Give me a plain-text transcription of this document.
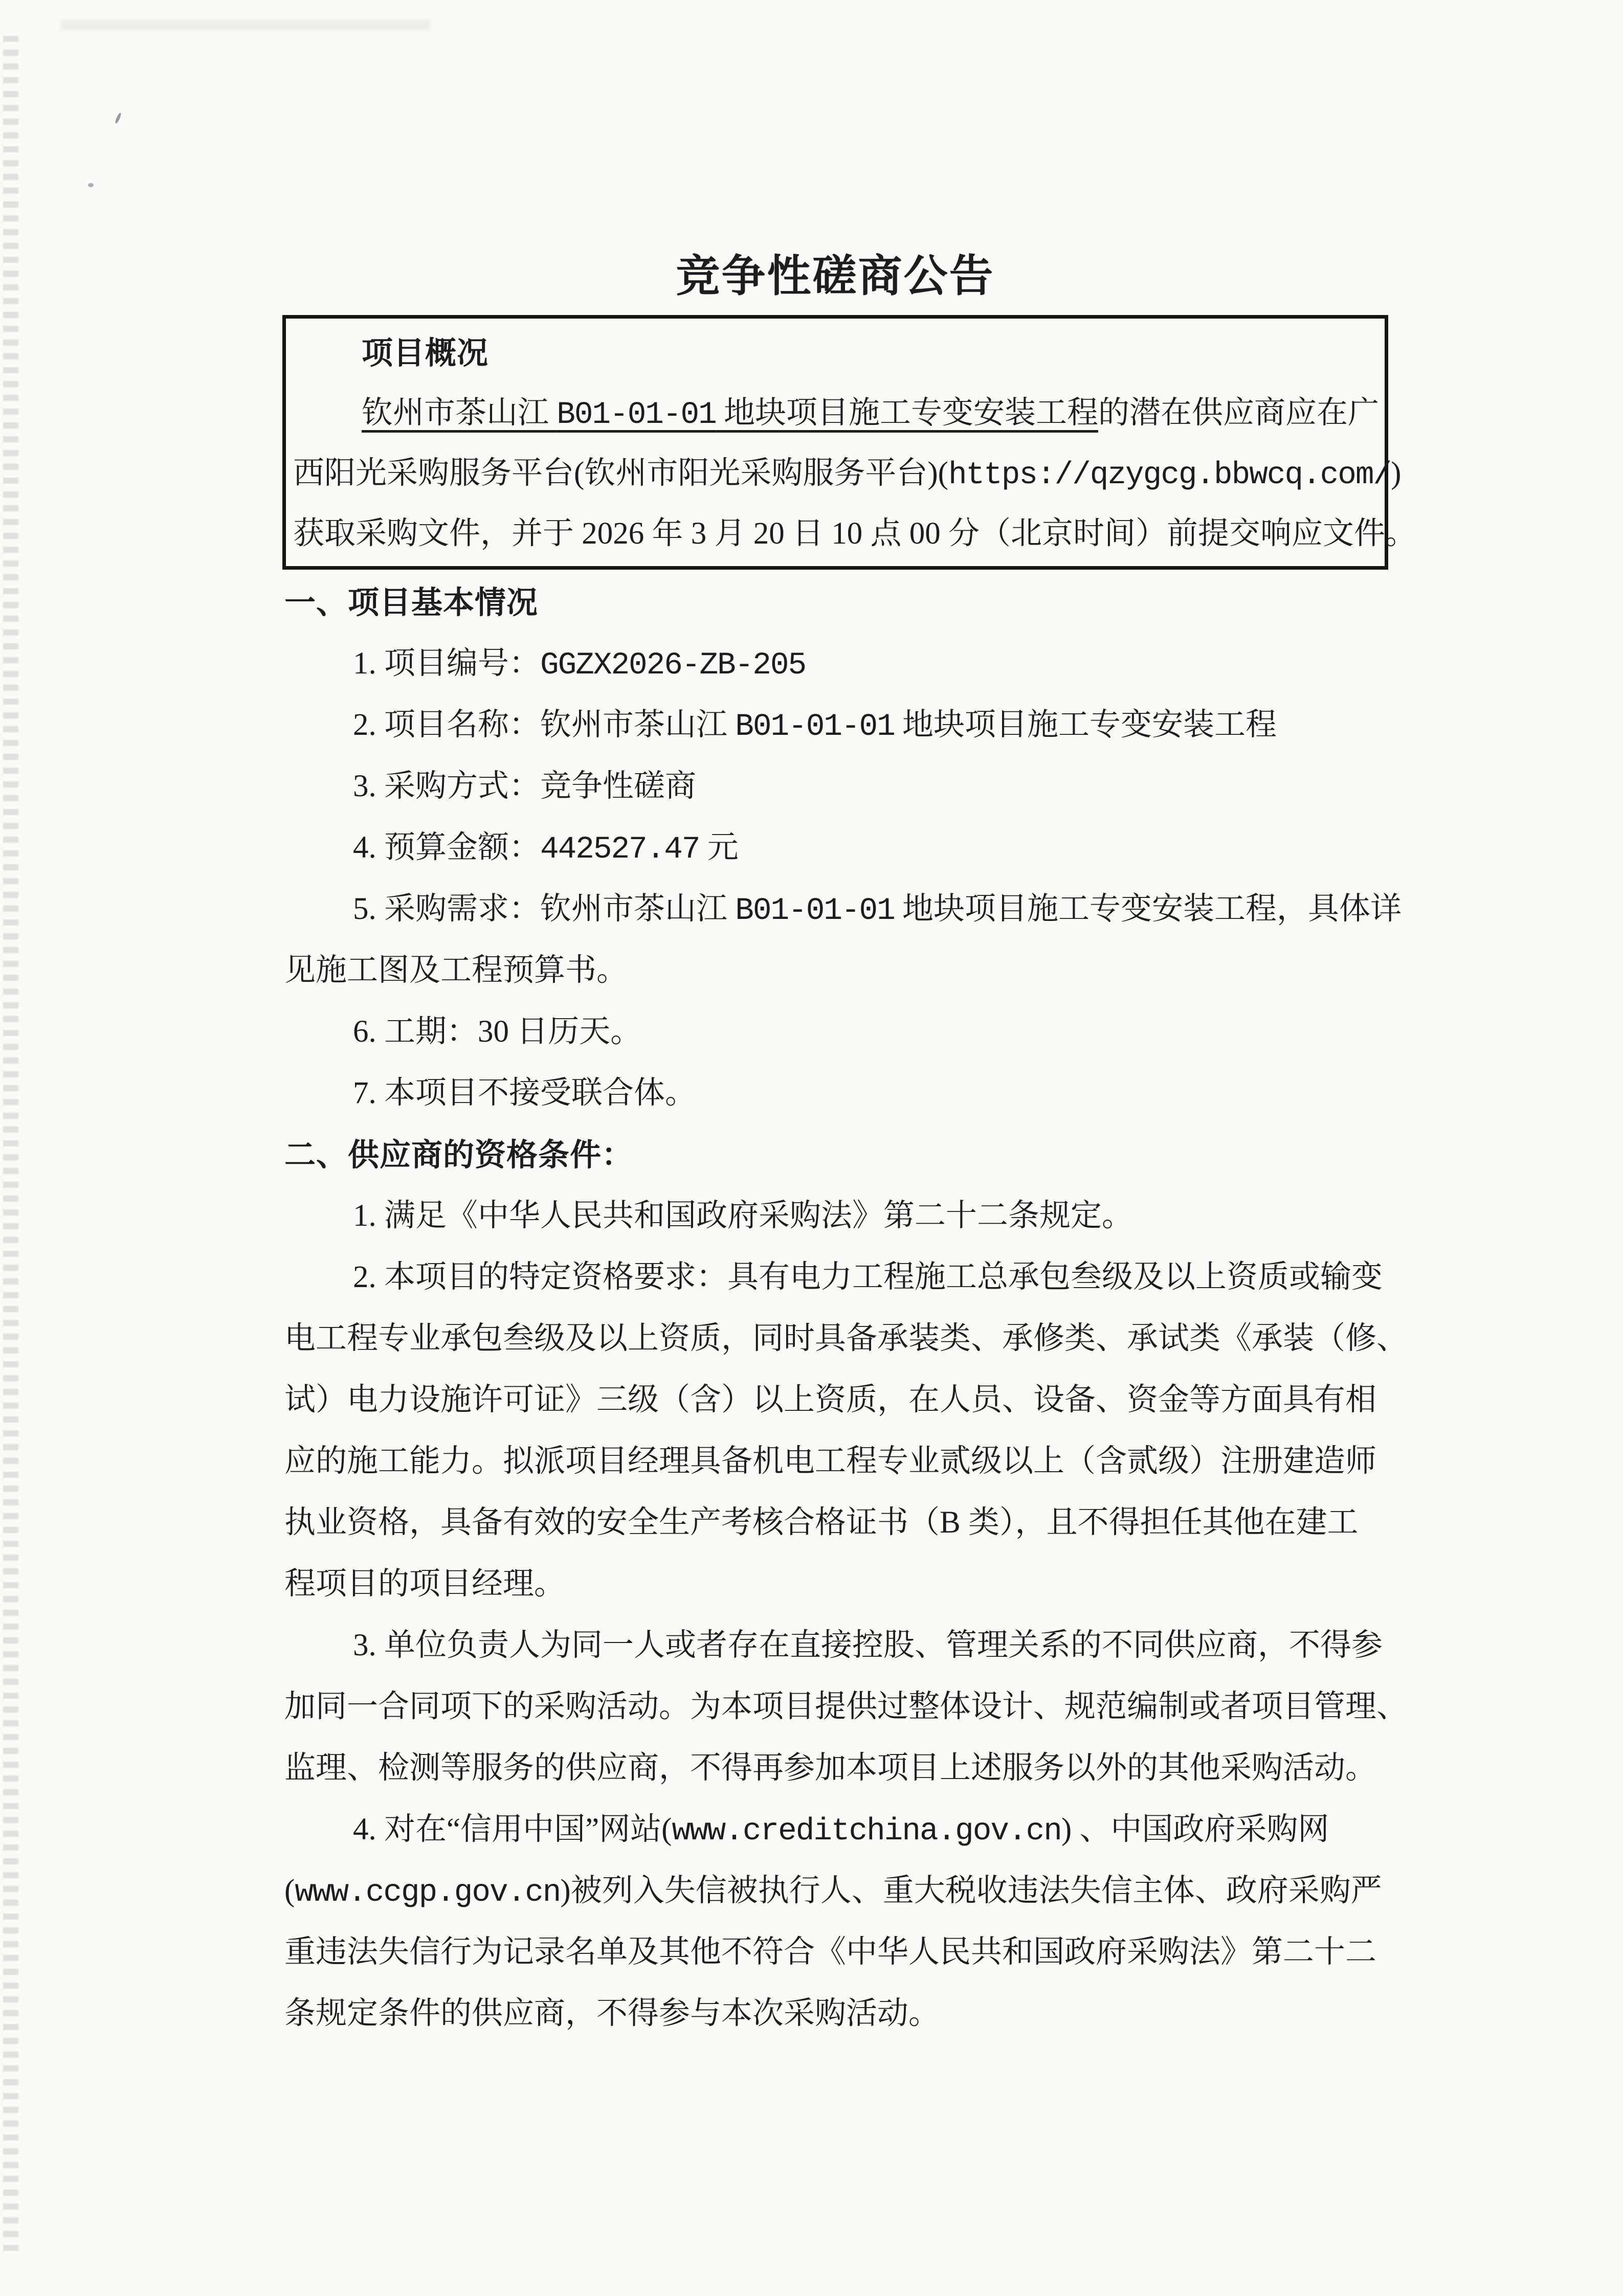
竞争性磋商公告

项目概况

钦州市茶山江 B01-01-01 地块项目施工专变安装工程的潜在供应商应在广

西阳光采购服务平台(钦州市阳光采购服务平台)(https://qzygcg.bbwcq.com/)

获取采购文件，并于 2026 年 3 月 20 日 10 点 00 分（北京时间）前提交响应文件。

一、项目基本情况

1. 项目编号：GGZX2026-ZB-205

2. 项目名称：钦州市茶山江 B01-01-01 地块项目施工专变安装工程

3. 采购方式：竞争性磋商

4. 预算金额：442527.47 元

5. 采购需求：钦州市茶山江 B01-01-01 地块项目施工专变安装工程，具体详

见施工图及工程预算书。

6. 工期：30 日历天。

7. 本项目不接受联合体。

二、供应商的资格条件：

1. 满足《中华人民共和国政府采购法》第二十二条规定。

2. 本项目的特定资格要求：具有电力工程施工总承包叁级及以上资质或输变

电工程专业承包叁级及以上资质，同时具备承装类、承修类、承试类《承装（修、

试）电力设施许可证》三级（含）以上资质，在人员、设备、资金等方面具有相

应的施工能力。拟派项目经理具备机电工程专业贰级以上（含贰级）注册建造师

执业资格，具备有效的安全生产考核合格证书（B 类），且不得担任其他在建工

程项目的项目经理。

3. 单位负责人为同一人或者存在直接控股、管理关系的不同供应商，不得参

加同一合同项下的采购活动。为本项目提供过整体设计、规范编制或者项目管理、

监理、检测等服务的供应商，不得再参加本项目上述服务以外的其他采购活动。

4. 对在“信用中国”网站(www.creditchina.gov.cn) 、中国政府采购网

(www.ccgp.gov.cn)被列入失信被执行人、重大税收违法失信主体、政府采购严

重违法失信行为记录名单及其他不符合《中华人民共和国政府采购法》第二十二

条规定条件的供应商，不得参与本次采购活动。
